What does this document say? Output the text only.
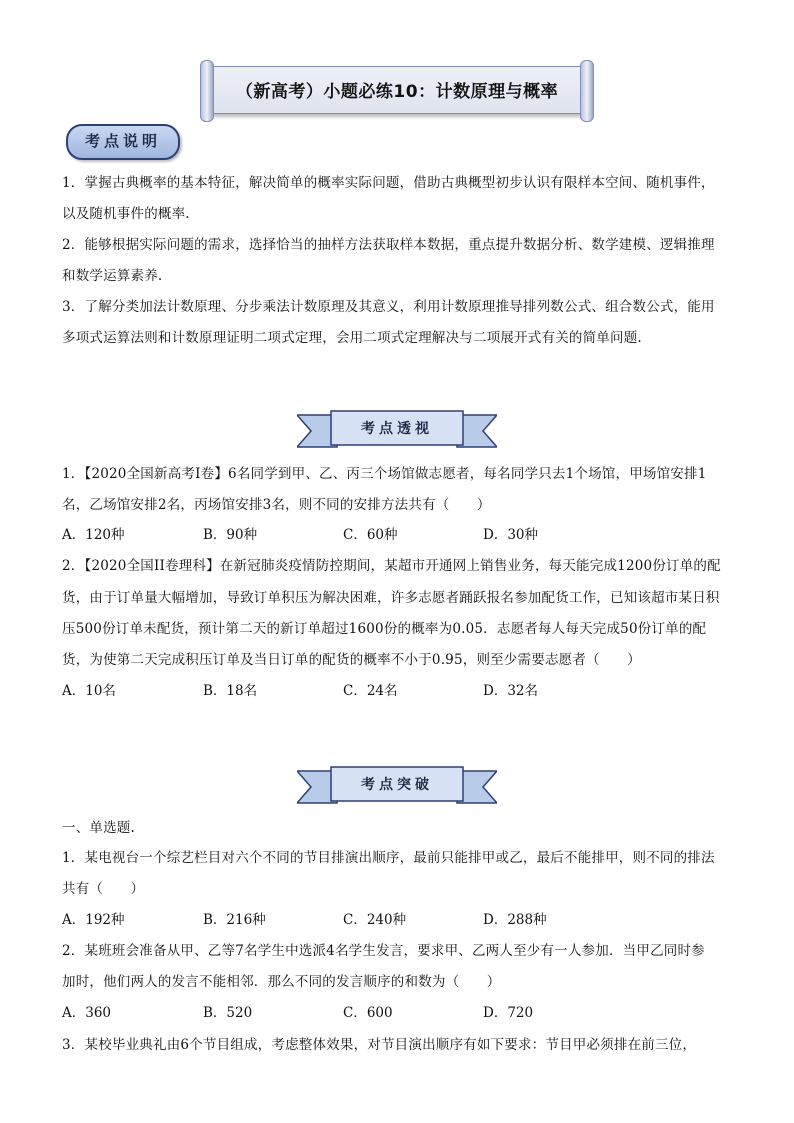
（新高考）小题必练10：计数原理与概率
考点说明
1．掌握古典概率的基本特征，解决简单的概率实际问题，借助古典概型初步认识有限样本空间、随机事件，
以及随机事件的概率.
2．能够根据实际问题的需求，选择恰当的抽样方法获取样本数据，重点提升数据分析、数学建模、逻辑推理
和数学运算素养.
3．了解分类加法计数原理、分步乘法计数原理及其意义，利用计数原理推导排列数公式、组合数公式，能用
多项式运算法则和计数原理证明二项式定理，会用二项式定理解决与二项展开式有关的简单问题.
考点透视
1．【2020全国新高考Ⅰ卷】6名同学到甲、乙、丙三个场馆做志愿者，每名同学只去1个场馆，甲场馆安排1
名，乙场馆安排2名，丙场馆安排3名，则不同的安排方法共有（　　）
A．120种	B．90种	C．60种	D．30种
2．【2020全国II卷理科】在新冠肺炎疫情防控期间，某超市开通网上销售业务，每天能完成1200份订单的配
货，由于订单量大幅增加，导致订单积压为解决困难，许多志愿者踊跃报名参加配货工作，已知该超市某日积
压500份订单未配货，预计第二天的新订单超过1600份的概率为0.05．志愿者每人每天完成50份订单的配
货，为使第二天完成积压订单及当日订单的配货的概率不小于0.95，则至少需要志愿者（　　）
A．10名	B．18名	C．24名	D．32名
考点突破
一、单选题.
1．某电视台一个综艺栏目对六个不同的节目排演出顺序，最前只能排甲或乙，最后不能排甲，则不同的排法
共有（　　）
A．192种	B．216种	C．240种	D．288种
2．某班班会准备从甲、乙等7名学生中选派4名学生发言，要求甲、乙两人至少有一人参加．当甲乙同时参
加时，他们两人的发言不能相邻．那么不同的发言顺序的和数为（　　）
A．360	B．520	C．600	D．720
3．某校毕业典礼由6个节目组成，考虑整体效果，对节目演出顺序有如下要求：节目甲必须排在前三位，
